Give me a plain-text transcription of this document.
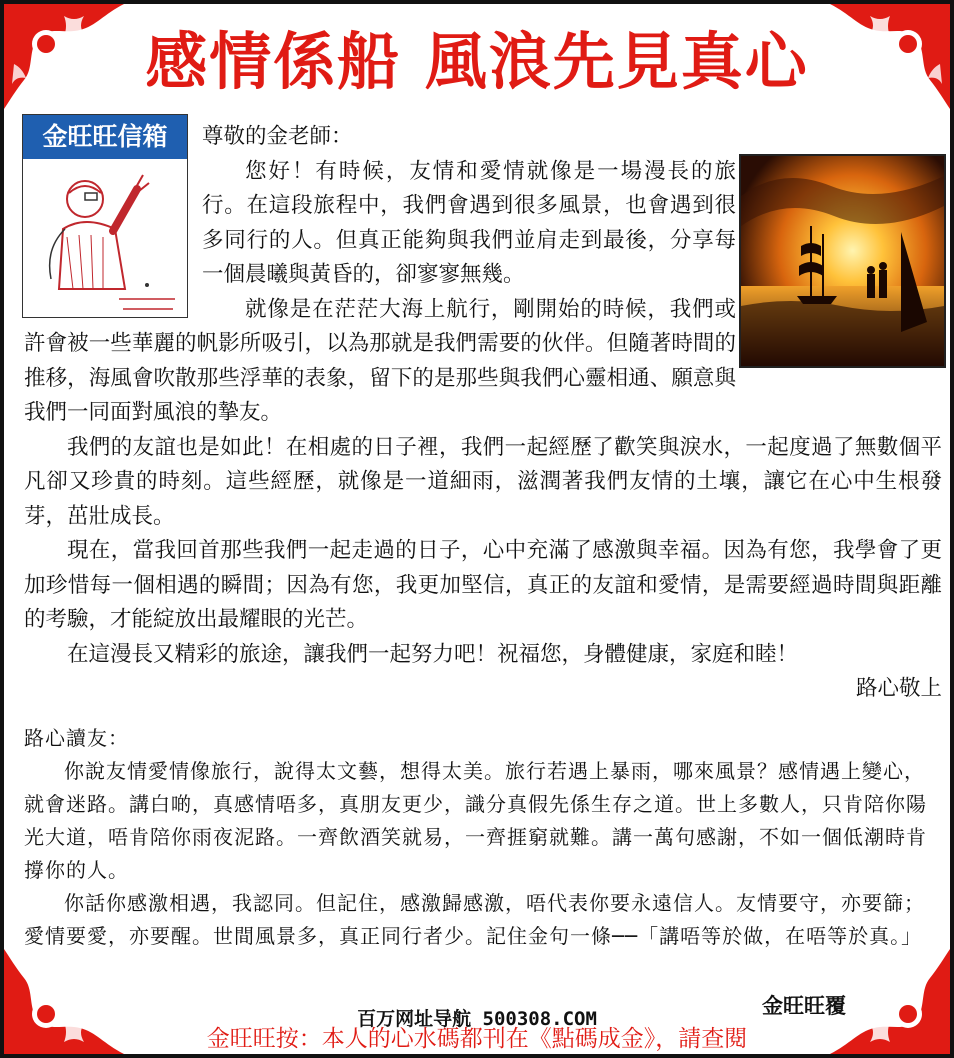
感情係船 風浪先見真心
金旺旺信箱	尊敬的金老師：

您好！有時候，友情和愛情就像是一場漫長的旅行。在這段旅程中，我們會遇到很多風景，也會遇到很多同行的人。但真正能夠與我們並肩走到最後，分享每一個晨曦與黃昏的，卻寥寥無幾。

就像是在茫茫大海上航行，剛開始的時候，我們或許會被一些華麗的帆影所吸引，以為那就是我們需要的伙伴。但隨著時間的推移，海風會吹散那些浮華的表象，留下的是那些與我們心靈相通、願意與我們一同面對風浪的摯友。

我們的友誼也是如此！在相處的日子裡，我們一起經歷了歡笑與淚水，一起度過了無數個平凡卻又珍貴的時刻。這些經歷，就像是一道細雨，滋潤著我們友情的土壤，讓它在心中生根發芽，茁壯成長。

現在，當我回首那些我們一起走過的日子，心中充滿了感激與幸福。因為有您，我學會了更加珍惜每一個相遇的瞬間；因為有您，我更加堅信，真正的友誼和愛情，是需要經過時間與距離的考驗，才能綻放出最耀眼的光芒。

在這漫長又精彩的旅途，讓我們一起努力吧！祝福您，身體健康，家庭和睦！

路心敬上

路心讀友：

你說友情愛情像旅行，說得太文藝，想得太美。旅行若遇上暴雨，哪來風景？感情遇上變心，就會迷路。講白啲，真感情唔多，真朋友更少，識分真假先係生存之道。世上多數人，只肯陪你陽光大道，唔肯陪你雨夜泥路。一齊飲酒笑就易，一齊捱窮就難。講一萬句感謝，不如一個低潮時肯撐你的人。

你話你感激相遇，我認同。但記住，感激歸感激，唔代表你要永遠信人。友情要守，亦要篩；愛情要愛，亦要醒。世間風景多，真正同行者少。記住金句一條──「講唔等於做，在唔等於真。」

金旺旺覆
百万网址导航 500308.COM
金旺旺按：本人的心水碼都刊在《點碼成金》，請查閱
